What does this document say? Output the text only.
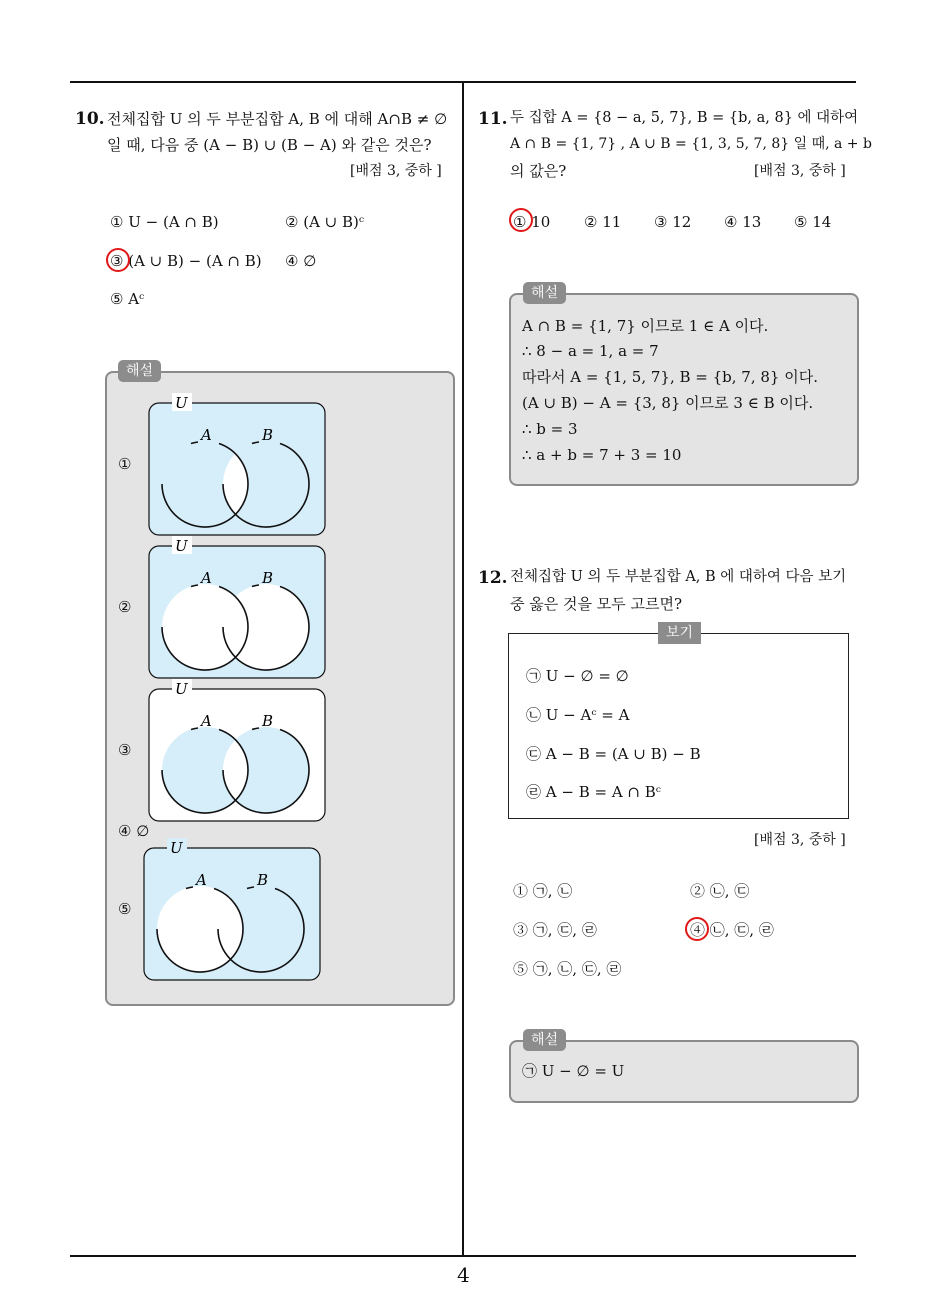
4
10. 전체집합 U 의 두 부분집합 A, B 에 대해 A∩B ≠ ∅
일 때, 다음 중 (A − B) ∪ (B − A) 와 같은 것은?
[배점 3, 중하 ]
① U − (A ∩ B)	② (A ∪ B)ᶜ
③ (A ∪ B) − (A ∩ B) ④ ∅
⑤ Aᶜ
해설
①
②
③
④ ∅
⑤
U
A	B
U
A	B
U
A	B
U
A	B
11. 두 집합 A = {8 − a, 5, 7}, B = {b, a, 8} 에 대하여
A ∩ B = {1, 7} , A ∪ B = {1, 3, 5, 7, 8} 일 때, a + b
의 값은?	[배점 3, 중하 ]
① 10 ② 11 ③ 12 ④ 13 ⑤ 14
해설
A ∩ B = {1, 7} 이므로 1 ∈ A 이다.
∴ 8 − a = 1, a = 7
따라서 A = {1, 5, 7}, B = {b, 7, 8} 이다.
(A ∪ B) − A = {3, 8} 이므로 3 ∈ B 이다.
∴ b = 3
∴ a + b = 7 + 3 = 10
12. 전체집합 U 의 두 부분집합 A, B 에 대하여 다음 보기
중 옳은 것을 모두 고르면?
보기
㉠ U − ∅ = ∅
㉡ U − Aᶜ = A
㉢ A − B = (A ∪ B) − B
㉣ A − B = A ∩ Bᶜ
[배점 3, 중하 ]
① ㉠, ㉡	② ㉡, ㉢
③ ㉠, ㉢, ㉣	④ ㉡, ㉢, ㉣
⑤ ㉠, ㉡, ㉢, ㉣
해설
㉠ U − ∅ = U
